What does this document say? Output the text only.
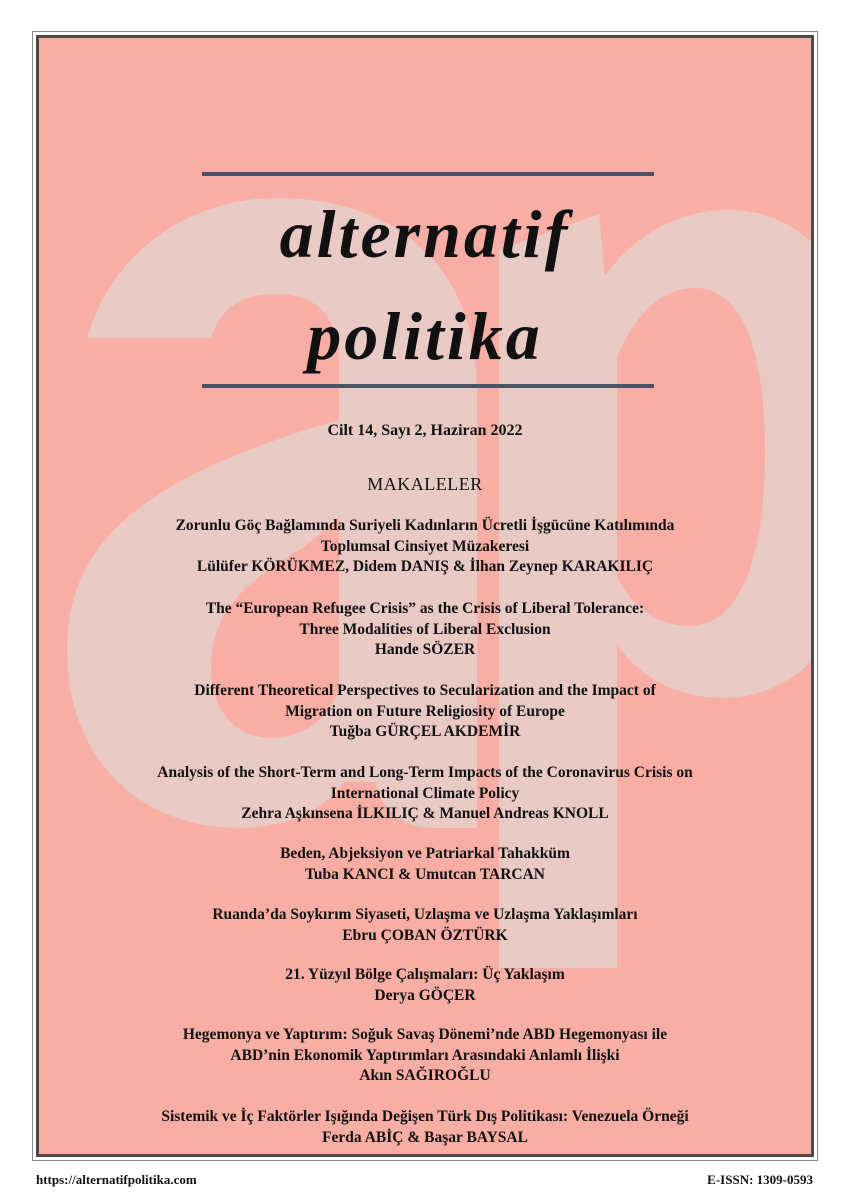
alternatif
politika
Cilt 14, Sayı 2, Haziran 2022
MAKALELER
Zorunlu Göç Bağlamında Suriyeli Kadınların Ücretli İşgücüne Katılımında
Toplumsal Cinsiyet Müzakeresi
Lülüfer KÖRÜKMEZ, Didem DANIŞ & İlhan Zeynep KARAKILIÇ
The “European Refugee Crisis” as the Crisis of Liberal Tolerance:
Three Modalities of Liberal Exclusion
Hande SÖZER
Different Theoretical Perspectives to Secularization and the Impact of
Migration on Future Religiosity of Europe
Tuğba GÜRÇEL AKDEMİR
Analysis of the Short-Term and Long-Term Impacts of the Coronavirus Crisis on
International Climate Policy
Zehra Aşkınsena İLKILIÇ & Manuel Andreas KNOLL
Beden, Abjeksiyon ve Patriarkal Tahakküm
Tuba KANCI & Umutcan TARCAN
Ruanda’da Soykırım Siyaseti, Uzlaşma ve Uzlaşma Yaklaşımları
Ebru ÇOBAN ÖZTÜRK
21. Yüzyıl Bölge Çalışmaları: Üç Yaklaşım
Derya GÖÇER
Hegemonya ve Yaptırım: Soğuk Savaş Dönemi’nde ABD Hegemonyası ile
ABD’nin Ekonomik Yaptırımları Arasındaki Anlamlı İlişki
Akın SAĞIROĞLU
Sistemik ve İç Faktörler Işığında Değişen Türk Dış Politikası: Venezuela Örneği
Ferda ABİÇ & Başar BAYSAL
https://alternatifpolitika.com	E-ISSN: 1309-0593
